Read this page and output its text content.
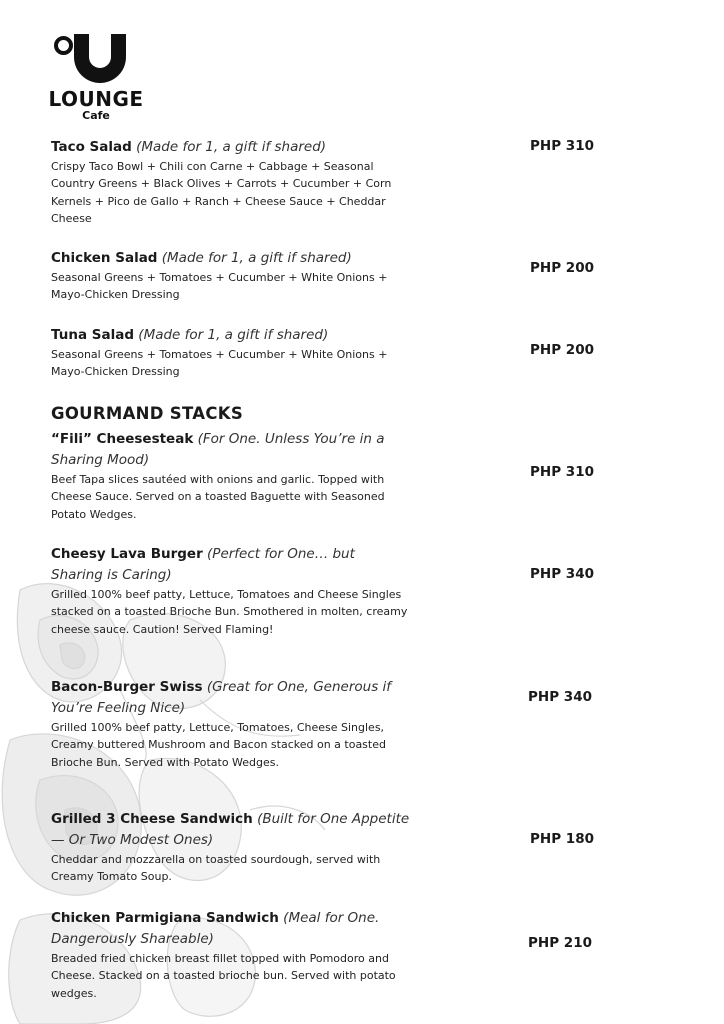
LOUNGE
Cafe

Taco Salad (Made for 1, a gift if shared)

Crispy Taco Bowl + Chili con Carne + Cabbage + Seasonal Country Greens + Black Olives + Carrots + Cucumber + Corn Kernels + Pico de Gallo + Ranch + Cheese Sauce + Cheddar Cheese

PHP 310

Chicken Salad (Made for 1, a gift if shared)

Seasonal Greens + Tomatoes + Cucumber + White Onions + Mayo-Chicken Dressing

PHP 200

Tuna Salad (Made for 1, a gift if shared)

Seasonal Greens + Tomatoes + Cucumber + White Onions + Mayo-Chicken Dressing

PHP 200
GOURMAND STACKS

“Fili” Cheesesteak (For One. Unless You’re in a Sharing Mood)

Beef Tapa slices sautéed with onions and garlic. Topped with Cheese Sauce. Served on a toasted Baguette with Seasoned Potato Wedges.

PHP 310

Cheesy Lava Burger (Perfect for One… but Sharing is Caring)

Grilled 100% beef patty, Lettuce, Tomatoes and Cheese Singles stacked on a toasted Brioche Bun. Smothered in molten, creamy cheese sauce. Caution! Served Flaming!

PHP 340

Bacon-Burger Swiss (Great for One, Generous if You’re Feeling Nice)

Grilled 100% beef patty, Lettuce, Tomatoes, Cheese Singles, Creamy buttered Mushroom and Bacon stacked on a toasted Brioche Bun. Served with Potato Wedges.

PHP 340

Grilled 3 Cheese Sandwich (Built for One Appetite — Or Two Modest Ones)

Cheddar and mozzarella on toasted sourdough, served with Creamy Tomato Soup.

PHP 180

Chicken Parmigiana Sandwich (Meal for One. Dangerously Shareable)

Breaded fried chicken breast fillet topped with Pomodoro and Cheese. Stacked on a toasted brioche bun. Served with potato wedges.

PHP 210
